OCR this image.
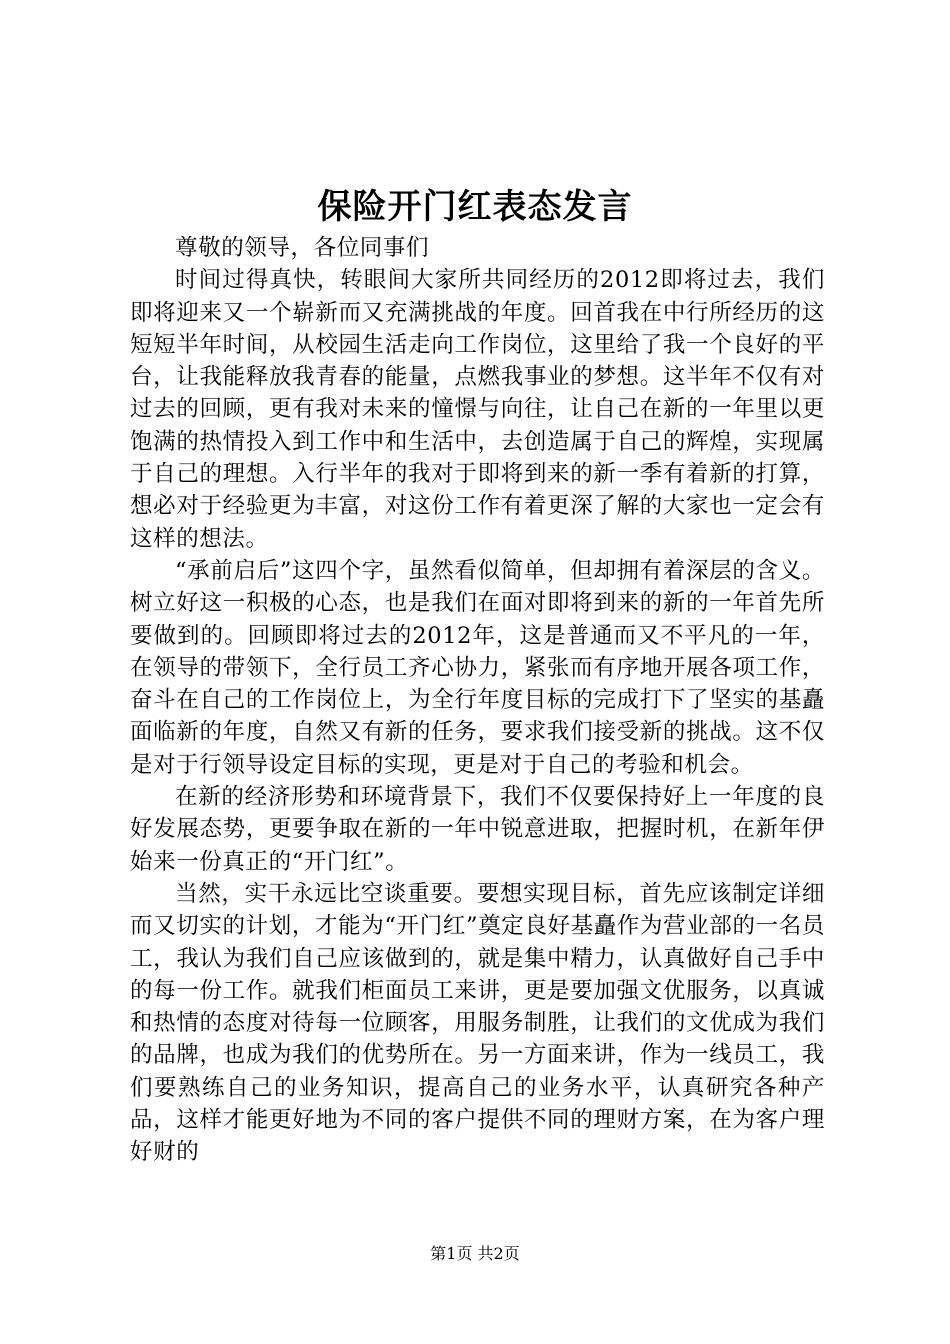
保险开门红表态发言

尊敬的领导，各位同事们

时间过得真快，转眼间大家所共同经历的2012即将过去，我们即将迎来又一个崭新而又充满挑战的年度。回首我在中行所经历的这短短半年时间，从校园生活走向工作岗位，这里给了我一个良好的平台，让我能释放我青春的能量，点燃我事业的梦想。这半年不仅有对过去的回顾，更有我对未来的憧憬与向往，让自己在新的一年里以更饱满的热情投入到工作中和生活中，去创造属于自己的辉煌，实现属于自己的理想。入行半年的我对于即将到来的新一季有着新的打算，想必对于经验更为丰富，对这份工作有着更深了解的大家也一定会有这样的想法。

“承前启后”这四个字，虽然看似简单，但却拥有着深层的含义。树立好这一积极的心态，也是我们在面对即将到来的新的一年首先所要做到的。回顾即将过去的2012年，这是普通而又不平凡的一年，在领导的带领下，全行员工齐心协力，紧张而有序地开展各项工作，奋斗在自己的工作岗位上，为全行年度目标的完成打下了坚实的基矗面临新的年度，自然又有新的任务，要求我们接受新的挑战。这不仅是对于行领导设定目标的实现，更是对于自己的考验和机会。

在新的经济形势和环境背景下，我们不仅要保持好上一年度的良好发展态势，更要争取在新的一年中锐意进取，把握时机，在新年伊始来一份真正的“开门红”。

当然，实干永远比空谈重要。要想实现目标，首先应该制定详细而又切实的计划，才能为“开门红”奠定良好基矗作为营业部的一名员工，我认为我们自己应该做到的，就是集中精力，认真做好自己手中的每一份工作。就我们柜面员工来讲，更是要加强文优服务，以真诚和热情的态度对待每一位顾客，用服务制胜，让我们的文优成为我们的品牌，也成为我们的优势所在。另一方面来讲，作为一线员工，我们要熟练自己的业务知识，提高自己的业务水平，认真研究各种产品，这样才能更好地为不同的客户提供不同的理财方案，在为客户理好财的

第1页 共2页
